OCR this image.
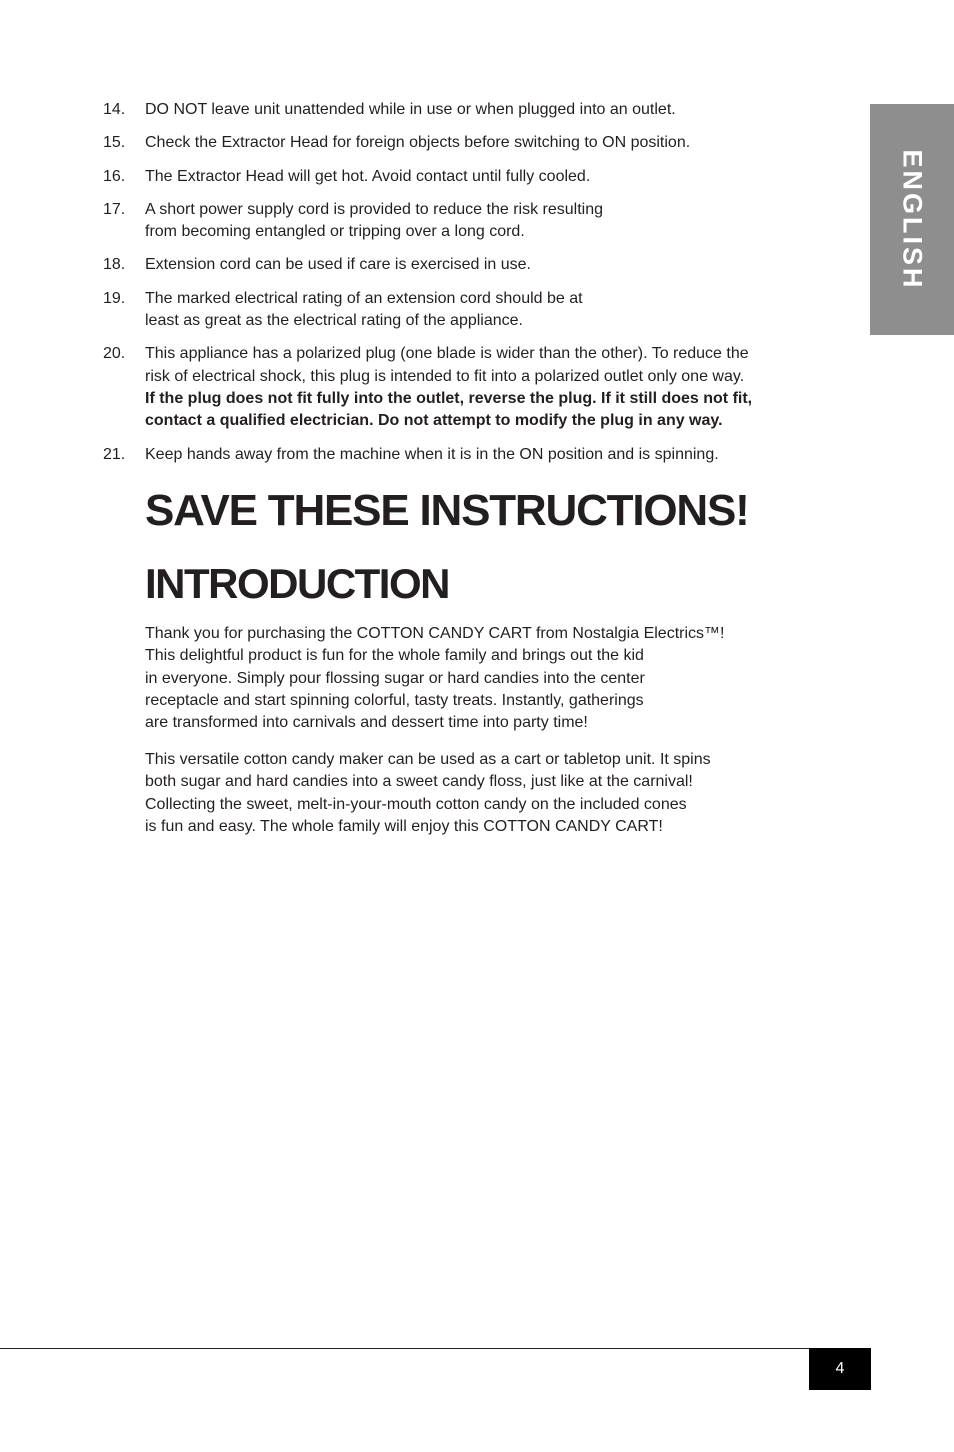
ENGLISH
14.	DO NOT leave unit unattended while in use or when plugged into an outlet.
15.	Check the Extractor Head for foreign objects before switching to ON position.
16.	The Extractor Head will get hot. Avoid contact until fully cooled.
17.	A short power supply cord is provided to reduce the risk resulting
from becoming entangled or tripping over a long cord.
18.	Extension cord can be used if care is exercised in use.
19.	The marked electrical rating of an extension cord should be at
least as great as the electrical rating of the appliance.
20.	This appliance has a polarized plug (one blade is wider than the other). To reduce the
risk of electrical shock, this plug is intended to fit into a polarized outlet only one way.
If the plug does not fit fully into the outlet, reverse the plug. If it still does not fit,
contact a qualified electrician. Do not attempt to modify the plug in any way.
21.	Keep hands away from the machine when it is in the ON position and is spinning.
SAVE THESE INSTRUCTIONS!
INTRODUCTION

Thank you for purchasing the COTTON CANDY CART from Nostalgia Electrics™!
This delightful product is fun for the whole family and brings out the kid
in everyone. Simply pour flossing sugar or hard candies into the center
receptacle and start spinning colorful, tasty treats. Instantly, gatherings
are transformed into carnivals and dessert time into party time!

This versatile cotton candy maker can be used as a cart or tabletop unit. It spins
both sugar and hard candies into a sweet candy floss, just like at the carnival!
Collecting the sweet, melt-in-your-mouth cotton candy on the included cones
is fun and easy. The whole family will enjoy this COTTON CANDY CART!

4
